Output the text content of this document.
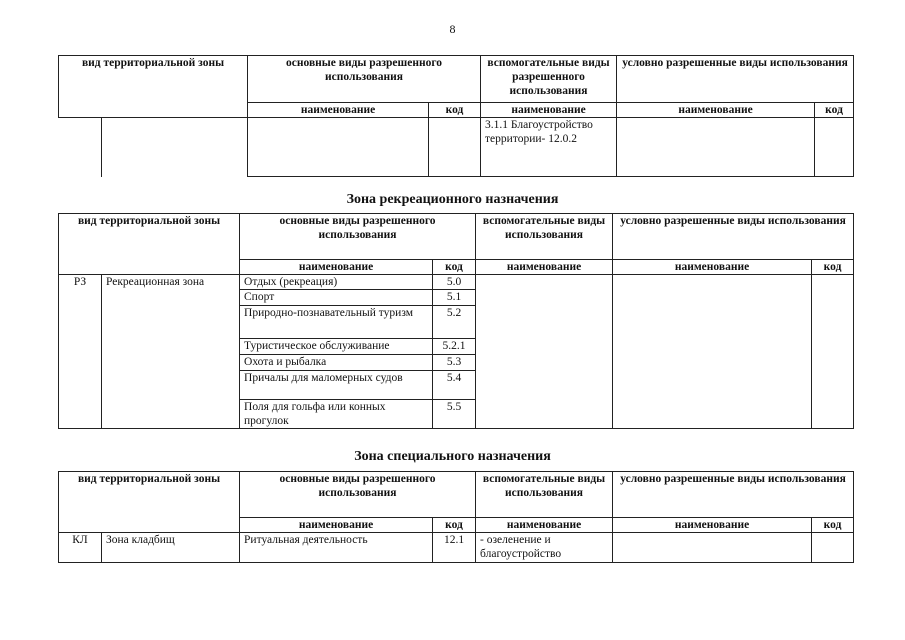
8
вид территориальной зоны		основные виды разрешенного использования		вспомогательные виды разрешенного использования	условно разрешенные виды использования	
		наименование	код	наименование	наименование	код
				3.1.1 Благоустройство территории- 12.0.2		
Зона рекреационного назначения
вид территориальной зоны		основные виды разрешенного использования		вспомогательные виды использования	условно разрешенные виды использования	
		наименование	код	наименование	наименование	код
РЗ	Рекреационная зона	Отдых (рекреация)	5.0			
		Спорт	5.1			
		Природно-познавательный туризм	5.2			
		Туристическое обслуживание	5.2.1			
		Охота и рыбалка	5.3			
		Причалы для маломерных судов	5.4			
		Поля для гольфа или конных прогулок	5.5			
Зона специального назначения
вид территориальной зоны		основные виды разрешенного использования		вспомогательные виды использования	условно разрешенные виды использования	
		наименование	код	наименование	наименование	код
КЛ	Зона кладбищ	Ритуальная деятельность	12.1	- озеленение и благоустройство		
